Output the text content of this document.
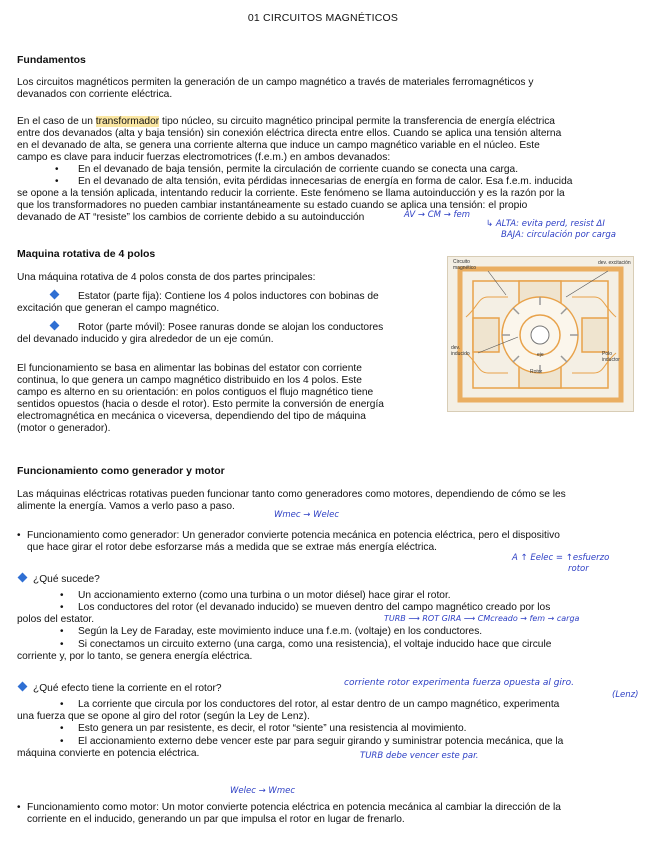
01 CIRCUITOS MAGNÉTICOS
Fundamentos
Los circuitos magnéticos permiten la generación de un campo magnético a través de materiales ferromagnéticos y
devanados con corriente eléctrica.
En el caso de un transformador tipo núcleo, su circuito magnético principal permite la transferencia de energía eléctrica
entre dos devanados (alta y baja tensión) sin conexión eléctrica directa entre ellos. Cuando se aplica una tensión alterna
en el devanado de alta, se genera una corriente alterna que induce un campo magnético variable en el núcleo. Este
campo es clave para inducir fuerzas electromotrices (f.e.m.) en ambos devanados:
• En el devanado de baja tensión, permite la circulación de corriente cuando se conecta una carga.
• En el devanado de alta tensión, evita pérdidas innecesarias de energía en forma de calor. Esa f.e.m. inducida
se opone a la tensión aplicada, intentando reducir la corriente. Este fenómeno se llama autoinducción y es la razón por la
que los transformadores no pueden cambiar instantáneamente su estado cuando se aplica una tensión: el propio
devanado de AT “resiste” los cambios de corriente debido a su autoinducción	AV → CM → fem
↳ ALTA: evita perd, resist ΔI
BAJA: circulación por carga
Maquina rotativa de 4 polos
Una máquina rotativa de 4 polos consta de dos partes principales:
Estator (parte fija): Contiene los 4 polos inductores con bobinas de
excitación que generan el campo magnético.
Rotor (parte móvil): Posee ranuras donde se alojan los conductores
del devanado inducido y gira alrededor de un eje común.
El funcionamiento se basa en alimentar las bobinas del estator con corriente
continua, lo que genera un campo magnético distribuido en los 4 polos. Este
campo es alterno en su orientación: en polos contiguos el flujo magnético tiene
sentidos opuestos (hacia o desde el rotor). Esto permite la conversión de energía
electromagnética en mecánica o viceversa, dependiendo del tipo de máquina
(motor o generador).
Circuito magnético
dev. excitación
dev. inducido	Polo inductor
eje
Rotor
Funcionamiento como generador y motor
Las máquinas eléctricas rotativas pueden funcionar tanto como generadores como motores, dependiendo de cómo se les
alimente la energía. Vamos a verlo paso a paso.
Wmec → Welec
• Funcionamiento como generador: Un generador convierte potencia mecánica en potencia eléctrica, pero el dispositivo
que hace girar el rotor debe esforzarse más a medida que se extrae más energía eléctrica.
A ↑ Eelec = ↑esfuerzo
rotor
¿Qué sucede?
• Un accionamiento externo (como una turbina o un motor diésel) hace girar el rotor.
• Los conductores del rotor (el devanado inducido) se mueven dentro del campo magnético creado por los
polos del estator.	TURB ⟶ ROT GIRA ⟶ CMcreado → fem → carga
• Según la Ley de Faraday, este movimiento induce una f.e.m. (voltaje) en los conductores.
• Si conectamos un circuito externo (una carga, como una resistencia), el voltaje inducido hace que circule
corriente y, por lo tanto, se genera energía eléctrica.
¿Qué efecto tiene la corriente en el rotor?	corriente rotor experimenta fuerza opuesta al giro.
(Lenz)
• La corriente que circula por los conductores del rotor, al estar dentro de un campo magnético, experimenta
una fuerza que se opone al giro del rotor (según la Ley de Lenz).
• Esto genera un par resistente, es decir, el rotor “siente” una resistencia al movimiento.
• El accionamiento externo debe vencer este par para seguir girando y suministrar potencia mecánica, que la
máquina convierte en potencia eléctrica.	TURB debe vencer este par.
Welec → Wmec
• Funcionamiento como motor: Un motor convierte potencia eléctrica en potencia mecánica al cambiar la dirección de la
corriente en el inducido, generando un par que impulsa el rotor en lugar de frenarlo.
